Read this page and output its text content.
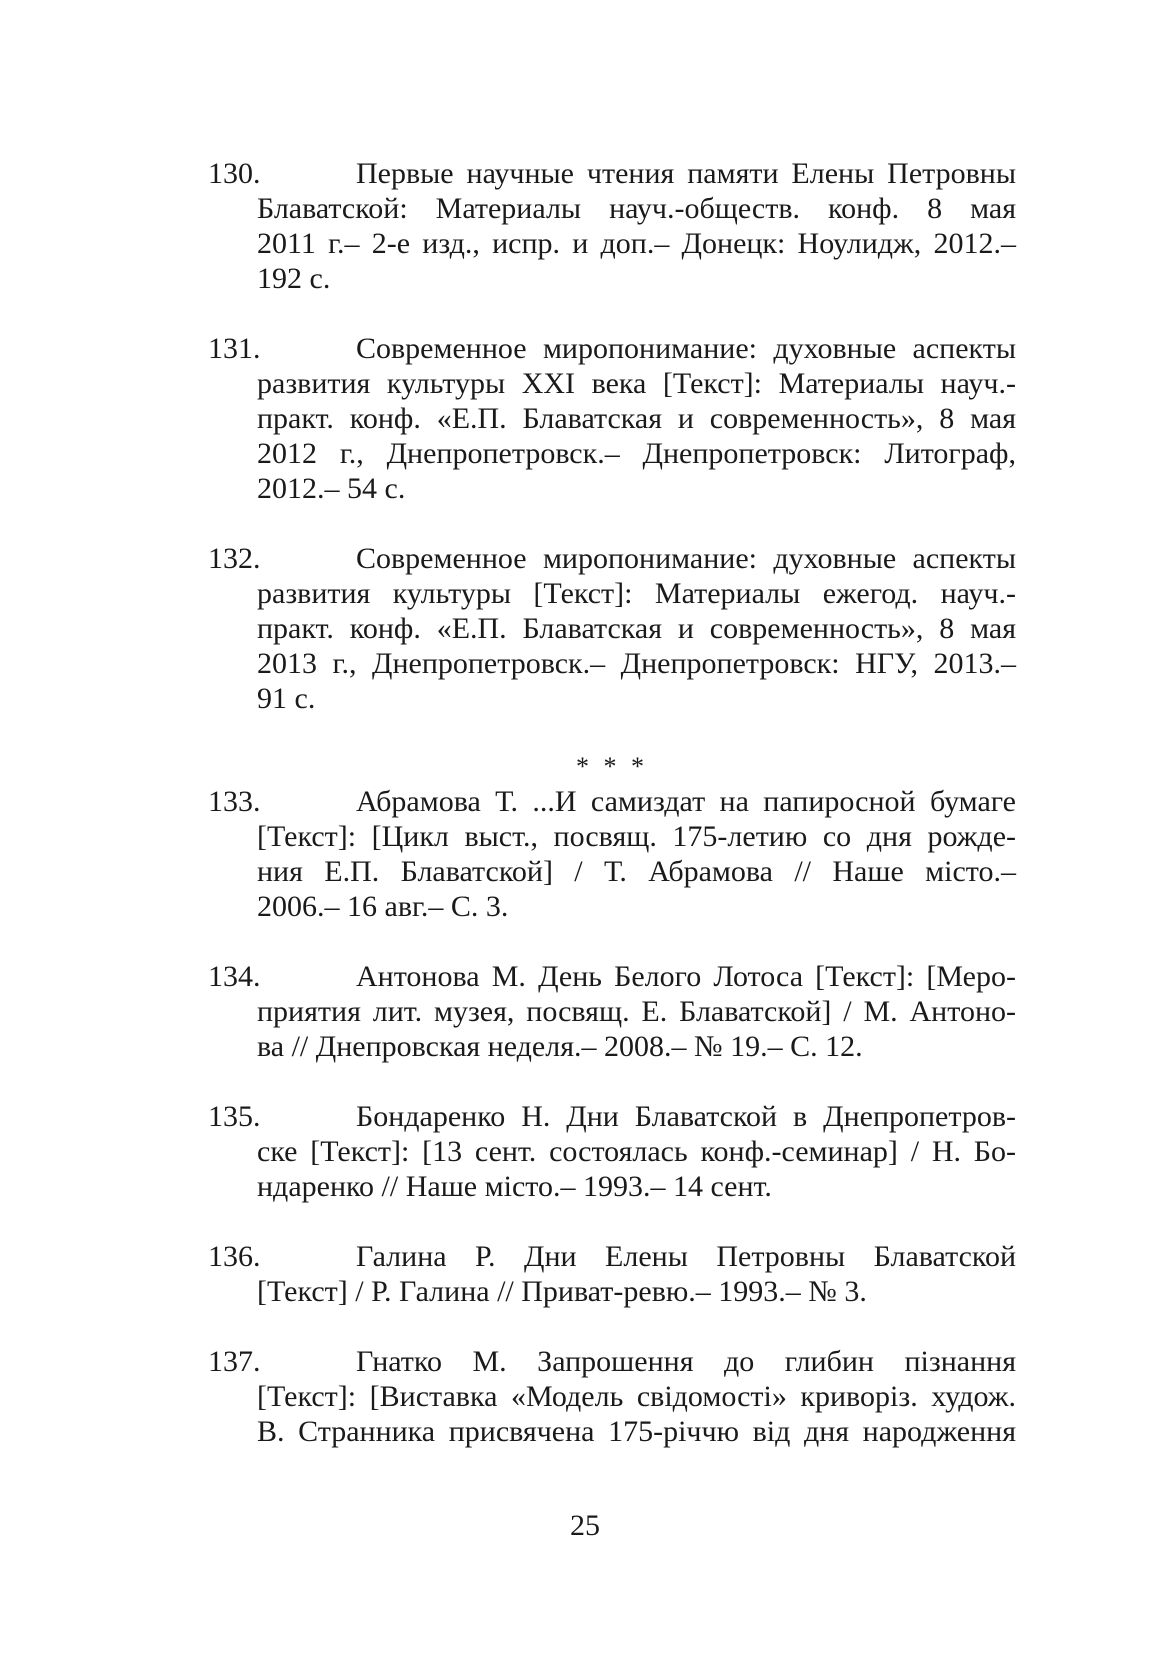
130.	Первые научные чтения памяти Елены Петровны
Блаватской: Материалы науч.-обществ. конф. 8 мая
2011 г.– 2-е изд., испр. и доп.– Донецк: Ноулидж, 2012.–
192 с.
131.	Современное миропонимание: духовные аспекты
развития культуры XXI века [Текст]: Материалы науч.-
практ. конф. «Е.П. Блаватская и современность», 8 мая
2012 г., Днепропетровск.– Днепропетровск: Литограф,
2012.– 54 с.
132.	Современное миропонимание: духовные аспекты
развития культуры [Текст]: Материалы ежегод. науч.-
практ. конф. «Е.П. Блаватская и современность», 8 мая
2013 г., Днепропетровск.– Днепропетровск: НГУ, 2013.–
91 с.
* * *
133.	Абрамова Т. ...И самиздат на папиросной бумаге
[Текст]: [Цикл выст., посвящ. 175-летию со дня рожде-
ния Е.П. Блаватской] / Т. Абрамова // Наше місто.–
2006.– 16 авг.– С. 3.
134.	Антонова М. День Белого Лотоса [Текст]: [Меро-
приятия лит. музея, посвящ. Е. Блаватской] / М. Антоно-
ва // Днепровская неделя.– 2008.– № 19.– С. 12.
135.	Бондаренко Н. Дни Блаватской в Днепропетров-
ске [Текст]: [13 сент. состоялась конф.-семинар] / Н. Бо-
ндаренко // Наше місто.– 1993.– 14 сент.
136.	Галина Р. Дни Елены Петровны Блаватской
[Текст] / Р. Галина // Приват-ревю.– 1993.– № 3.
137.	Гнатко М. Запрошення до глибин пізнання
[Текст]: [Виставка «Модель свідомості» криворіз. худож.
В. Странника присвячена 175-річчю від дня народження
25
